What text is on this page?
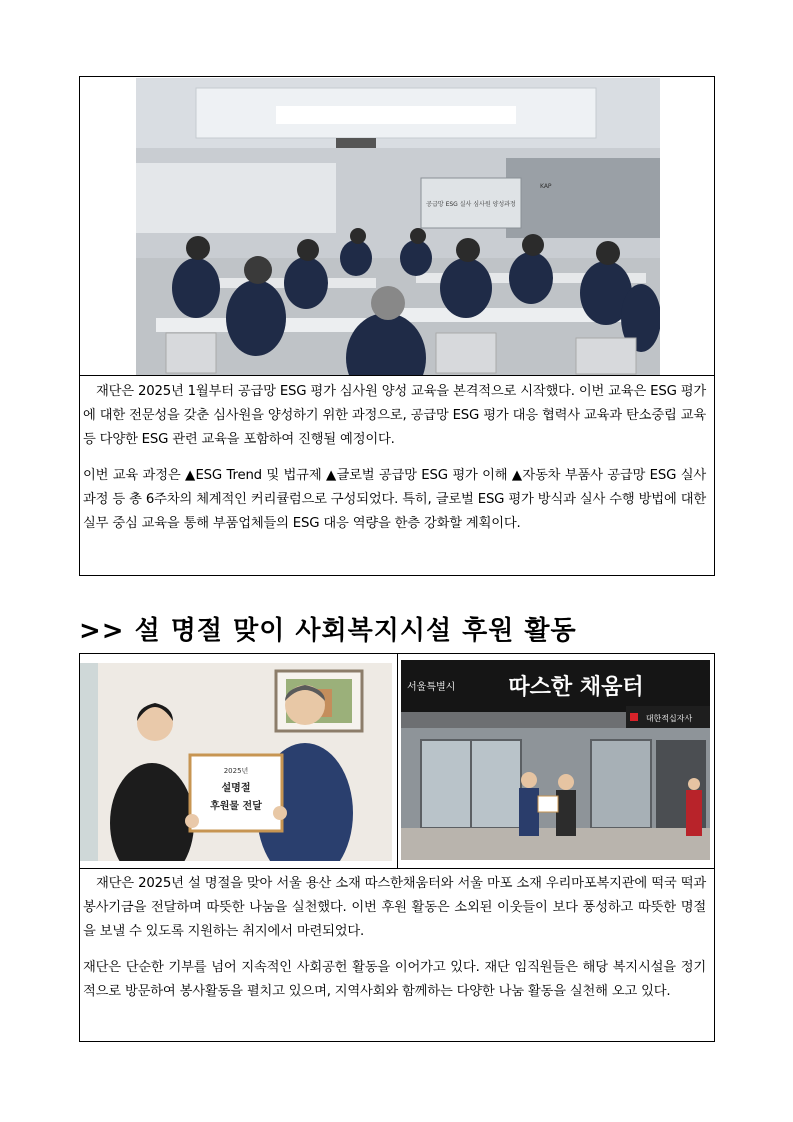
공급망 ESG 실사 심사원 양성과정
KAP
재단은 2025년 1월부터 공급망 ESG 평가 심사원 양성 교육을 본격적으로 시작했다. 이번 교육은 ESG 평가에 대한 전문성을 갖춘 심사원을 양성하기 위한 과정으로, 공급망 ESG 평가 대응 협력사 교육과 탄소중립 교육 등 다양한 ESG 관련 교육을 포함하여 진행될 예정이다.
이번 교육 과정은 ▲ESG Trend 및 법규제 ▲글로벌 공급망 ESG 평가 이해 ▲자동차 부품사 공급망 ESG 실사 과정 등 총 6주차의 체계적인 커리큘럼으로 구성되었다. 특히, 글로벌 ESG 평가 방식과 실사 수행 방법에 대한 실무 중심 교육을 통해 부품업체들의 ESG 대응 역량을 한층 강화할 계획이다.
>> 설 명절 맞이 사회복지시설 후원 활동
2025년
설명절
후원물 전달
따스한 채움터
서울특별시
대한적십자사
재단은 2025년 설 명절을 맞아 서울 용산 소재 따스한채움터와 서울 마포 소재 우리마포복지관에 떡국 떡과 봉사기금을 전달하며 따뜻한 나눔을 실천했다. 이번 후원 활동은 소외된 이웃들이 보다 풍성하고 따뜻한 명절을 보낼 수 있도록 지원하는 취지에서 마련되었다.
재단은 단순한 기부를 넘어 지속적인 사회공헌 활동을 이어가고 있다. 재단 임직원들은 해당 복지시설을 정기적으로 방문하여 봉사활동을 펼치고 있으며, 지역사회와 함께하는 다양한 나눔 활동을 실천해 오고 있다.
